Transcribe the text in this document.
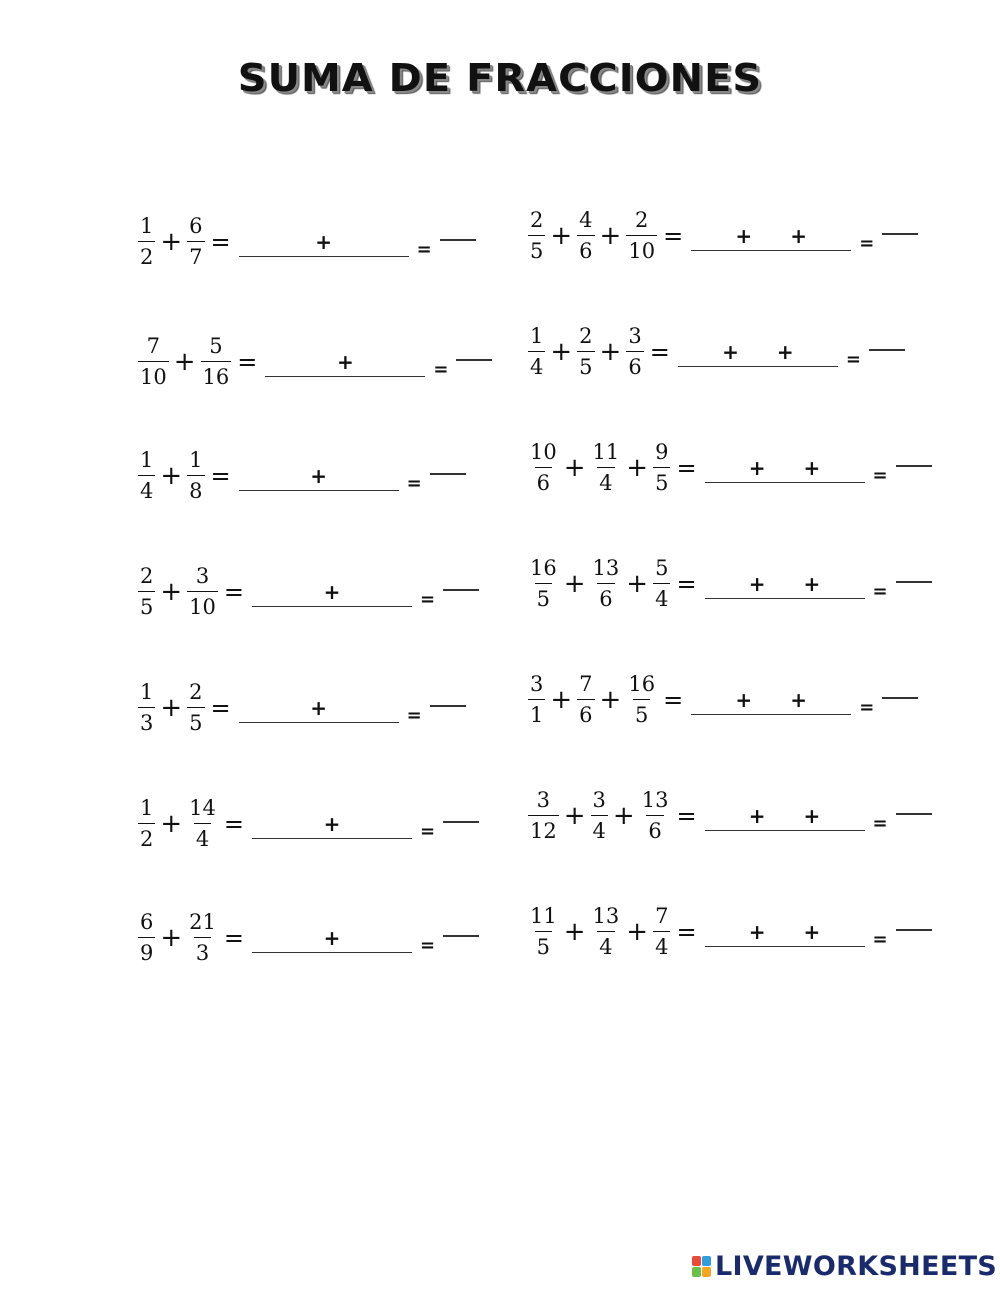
SUMA DE FRACCIONES
$\frac{1}{2} + \frac{6}{7}$ =	+	=
$\frac{7}{10} + \frac{5}{16}$ =	+	=
$\frac{1}{4} + \frac{1}{8}$ =	+	=
$\frac{2}{5} + \frac{3}{10}$ =	+	=
$\frac{1}{3} + \frac{2}{5}$ =	+	=
$\frac{1}{2} + \frac{14}{4}$ =	+	=
$\frac{6}{9} + \frac{21}{3}$ =	+	=
$\frac{2}{5} + \frac{4}{6} + \frac{2}{10}$ =	+ +	=
$\frac{1}{4} + \frac{2}{5} + \frac{3}{6}$ =	+ +	=
$\frac{10}{6} + \frac{11}{4} + \frac{9}{5}$ =	+ +	=
$\frac{16}{5} + \frac{13}{6} + \frac{5}{4}$ =	+ +	=
$\frac{3}{1} + \frac{7}{6} + \frac{16}{5}$ =	+ +	=
$\frac{3}{12} + \frac{3}{4} + \frac{13}{6}$ =	+ +	=
$\frac{11}{5} + \frac{13}{4} + \frac{7}{4}$ =	+ +	=
LIVEWORKSHEETS
